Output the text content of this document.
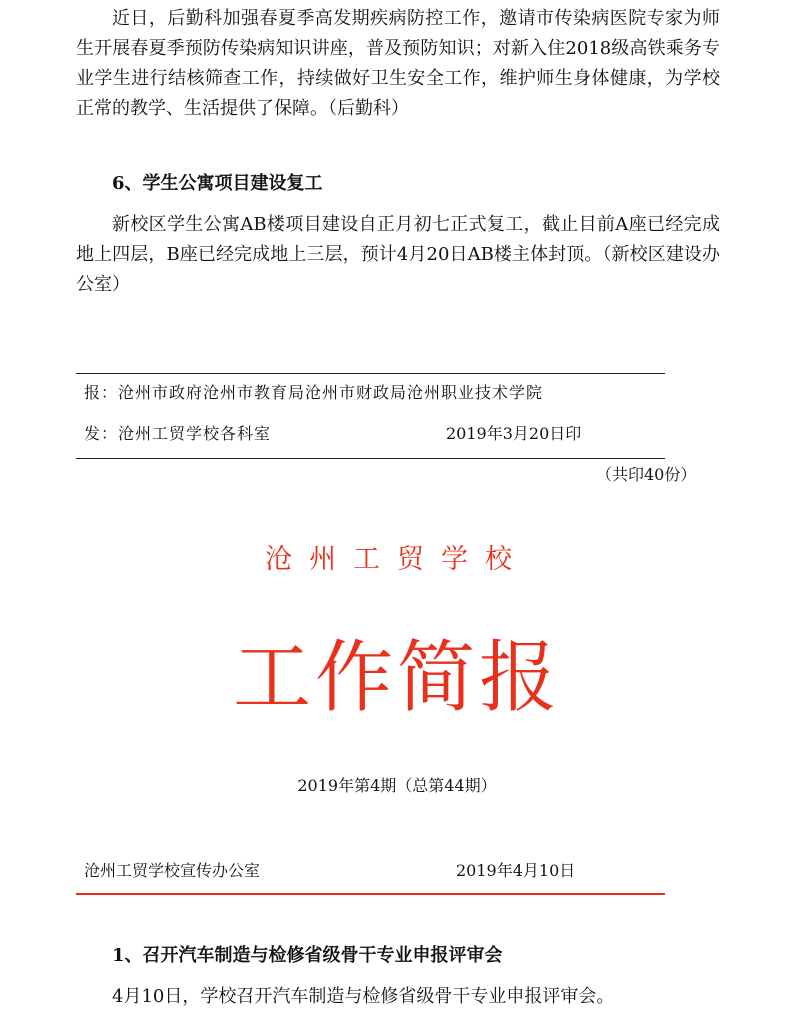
近日，后勤科加强春夏季高发期疾病防控工作，邀请市传染病医院专家为师生开展春夏季预防传染病知识讲座，普及预防知识；对新入住2018级高铁乘务专业学生进行结核筛查工作，持续做好卫生安全工作，维护师生身体健康，为学校正常的教学、生活提供了保障。（后勤科）

6、学生公寓项目建设复工

新校区学生公寓AB楼项目建设自正月初七正式复工，截止目前A座已经完成地上四层，B座已经完成地上三层，预计4月20日AB楼主体封顶。（新校区建设办公室）

报：沧州市政府沧州市教育局沧州市财政局沧州职业技术学院
发：沧州工贸学校各科室	2019年3月20日印
（共印40份）
沧州工贸学校
工作简报
2019年第4期（总第44期）
沧州工贸学校宣传办公室	2019年4月10日

1、召开汽车制造与检修省级骨干专业申报评审会

4月10日，学校召开汽车制造与检修省级骨干专业申报评审会。
